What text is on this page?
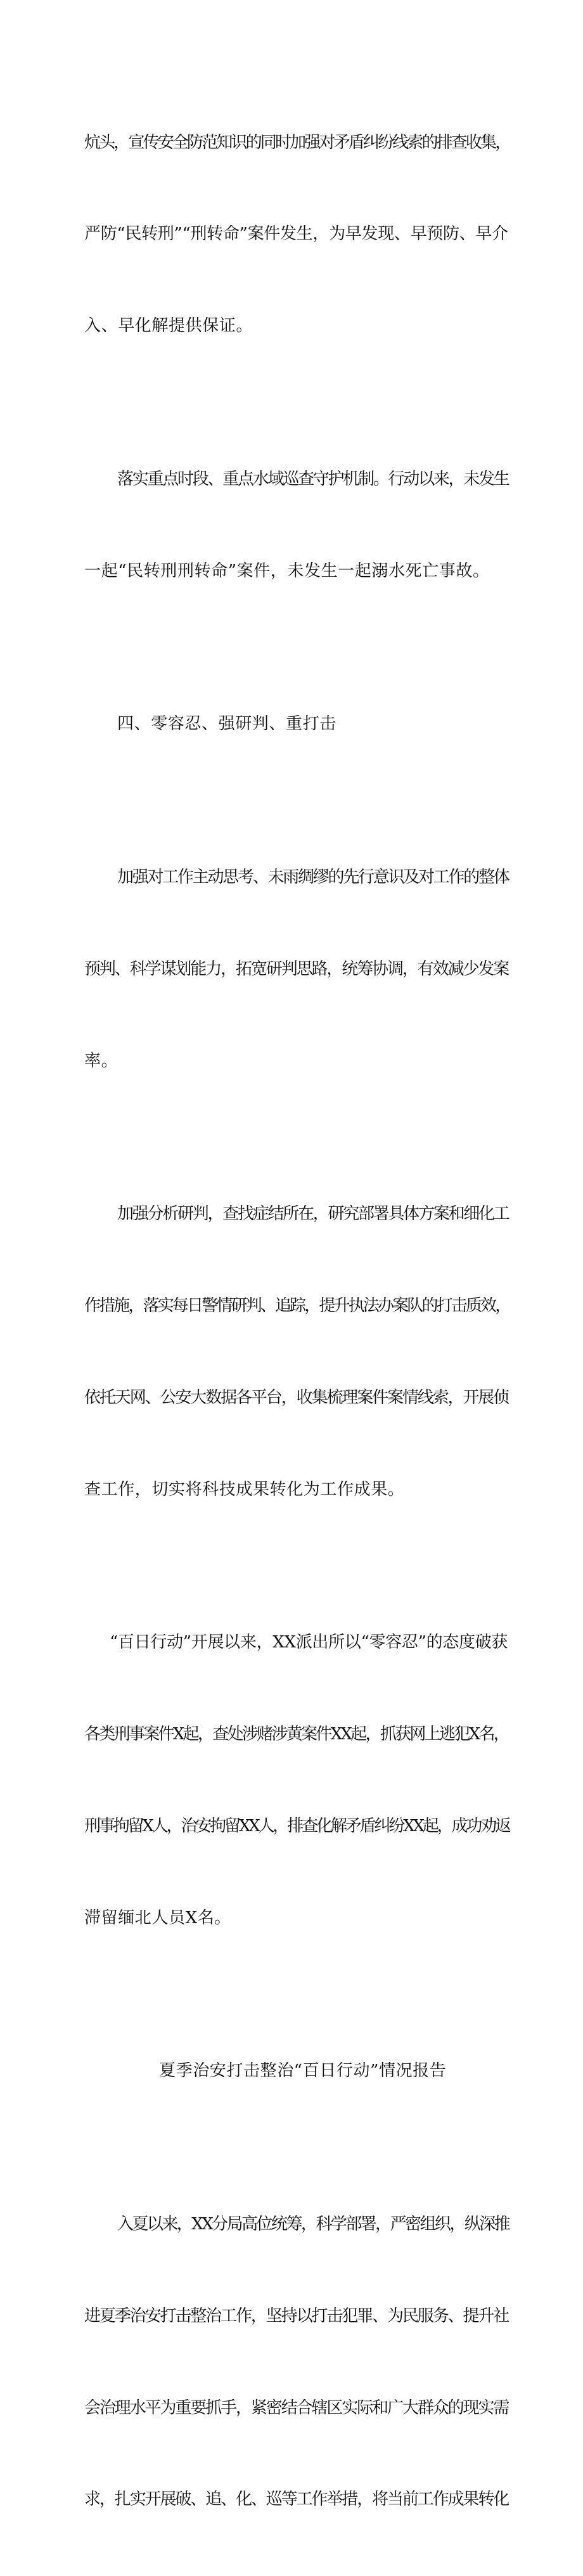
炕头，宣传安全防范知识的同时加强对矛盾纠纷线索的排查收集，

严防“民转刑”“刑转命”案件发生，为早发现、早预防、早介

入、早化解提供保证。

落实重点时段、重点水域巡查守护机制。行动以来，未发生

一起“民转刑刑转命”案件，未发生一起溺水死亡事故。

四、零容忍、强研判、重打击

加强对工作主动思考、未雨绸缪的先行意识及对工作的整体

预判、科学谋划能力，拓宽研判思路，统筹协调，有效减少发案

率。

加强分析研判，查找症结所在，研究部署具体方案和细化工

作措施，落实每日警情研判、追踪，提升执法办案队的打击质效，

依托天网、公安大数据各平台，收集梳理案件案情线索，开展侦

查工作，切实将科技成果转化为工作成果。

“百日行动”开展以来，XX派出所以“零容忍”的态度破获

各类刑事案件X起，查处涉赌涉黄案件XX起，抓获网上逃犯X名，

刑事拘留X人，治安拘留XX人，排查化解矛盾纠纷XX起，成功劝返

滞留缅北人员X名。

夏季治安打击整治“百日行动”情况报告

入夏以来，XX分局高位统筹，科学部署，严密组织，纵深推

进夏季治安打击整治工作，坚持以打击犯罪、为民服务、提升社

会治理水平为重要抓手，紧密结合辖区实际和广大群众的现实需

求，扎实开展破、追、化、巡等工作举措，将当前工作成果转化
